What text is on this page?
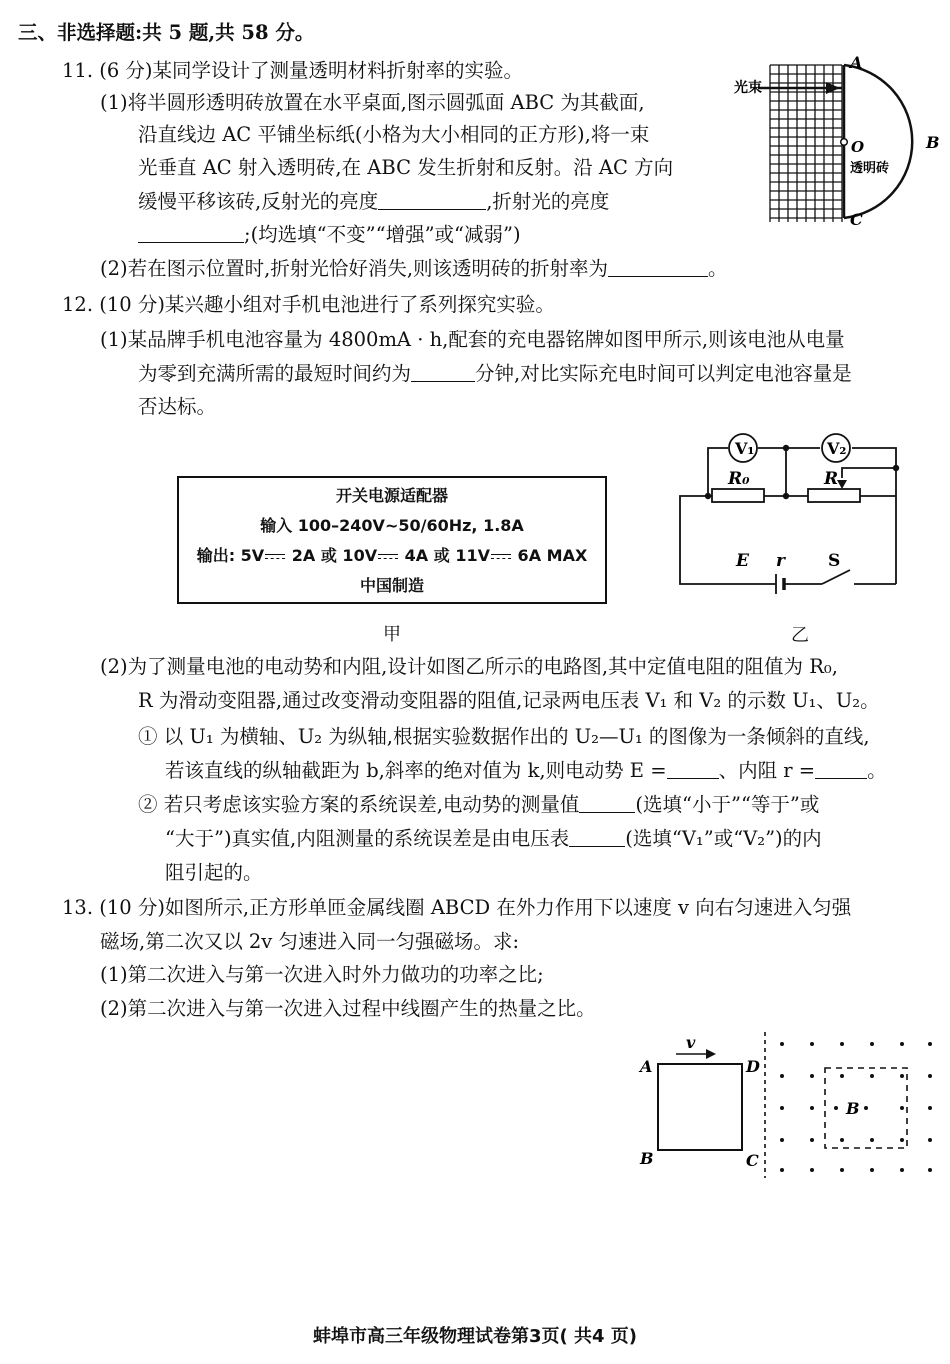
三、非选择题:共 5 题,共 58 分。
11. (6 分)某同学设计了测量透明材料折射率的实验。
(1)将半圆形透明砖放置在水平桌面,图示圆弧面 ABC 为其截面,
沿直线边 AC 平铺坐标纸(小格为大小相同的正方形),将一束
光垂直 AC 射入透明砖,在 ABC 发生折射和反射。沿 AC 方向
缓慢平移该砖,反射光的亮度	,折射光的亮度
;(均选填“不变”“增强”或“减弱”)
(2)若在图示位置时,折射光恰好消失,则该透明砖的折射率为	。
光束
A
B
C
O
透明砖
12. (10 分)某兴趣小组对手机电池进行了系列探究实验。
(1)某品牌手机电池容量为 4800mA · h,配套的充电器铭牌如图甲所示,则该电池从电量
为零到充满所需的最短时间约为	分钟,对比实际充电时间可以判定电池容量是
否达标。
开关电源适配器
输入 100–240V~50/60Hz, 1.8A
输出: 5V 2A 或 10V 4A 或 11V 6A MAX
中国制造
甲
V₁	V₂
R₀	R
E r	S
乙
(2)为了测量电池的电动势和内阻,设计如图乙所示的电路图,其中定值电阻的阻值为 R₀,
R 为滑动变阻器,通过改变滑动变阻器的阻值,记录两电压表 V₁ 和 V₂ 的示数 U₁、U₂。
① 以 U₁ 为横轴、U₂ 为纵轴,根据实验数据作出的 U₂—U₁ 的图像为一条倾斜的直线,
若该直线的纵轴截距为 b,斜率的绝对值为 k,则电动势 E =	、内阻 r =	。
② 若只考虑该实验方案的系统误差,电动势的测量值	(选填“小于”“等于”或
“大于”)真实值,内阻测量的系统误差是由电压表	(选填“V₁”或“V₂”)的内
阻引起的。
13. (10 分)如图所示,正方形单匝金属线圈 ABCD 在外力作用下以速度 v 向右匀速进入匀强
磁场,第二次又以 2v 匀速进入同一匀强磁场。求:
(1)第二次进入与第一次进入时外力做功的功率之比;
(2)第二次进入与第一次进入过程中线圈产生的热量之比。
v
A
B	C
D
B
蚌埠市高三年级物理试卷第3页( 共4 页)
